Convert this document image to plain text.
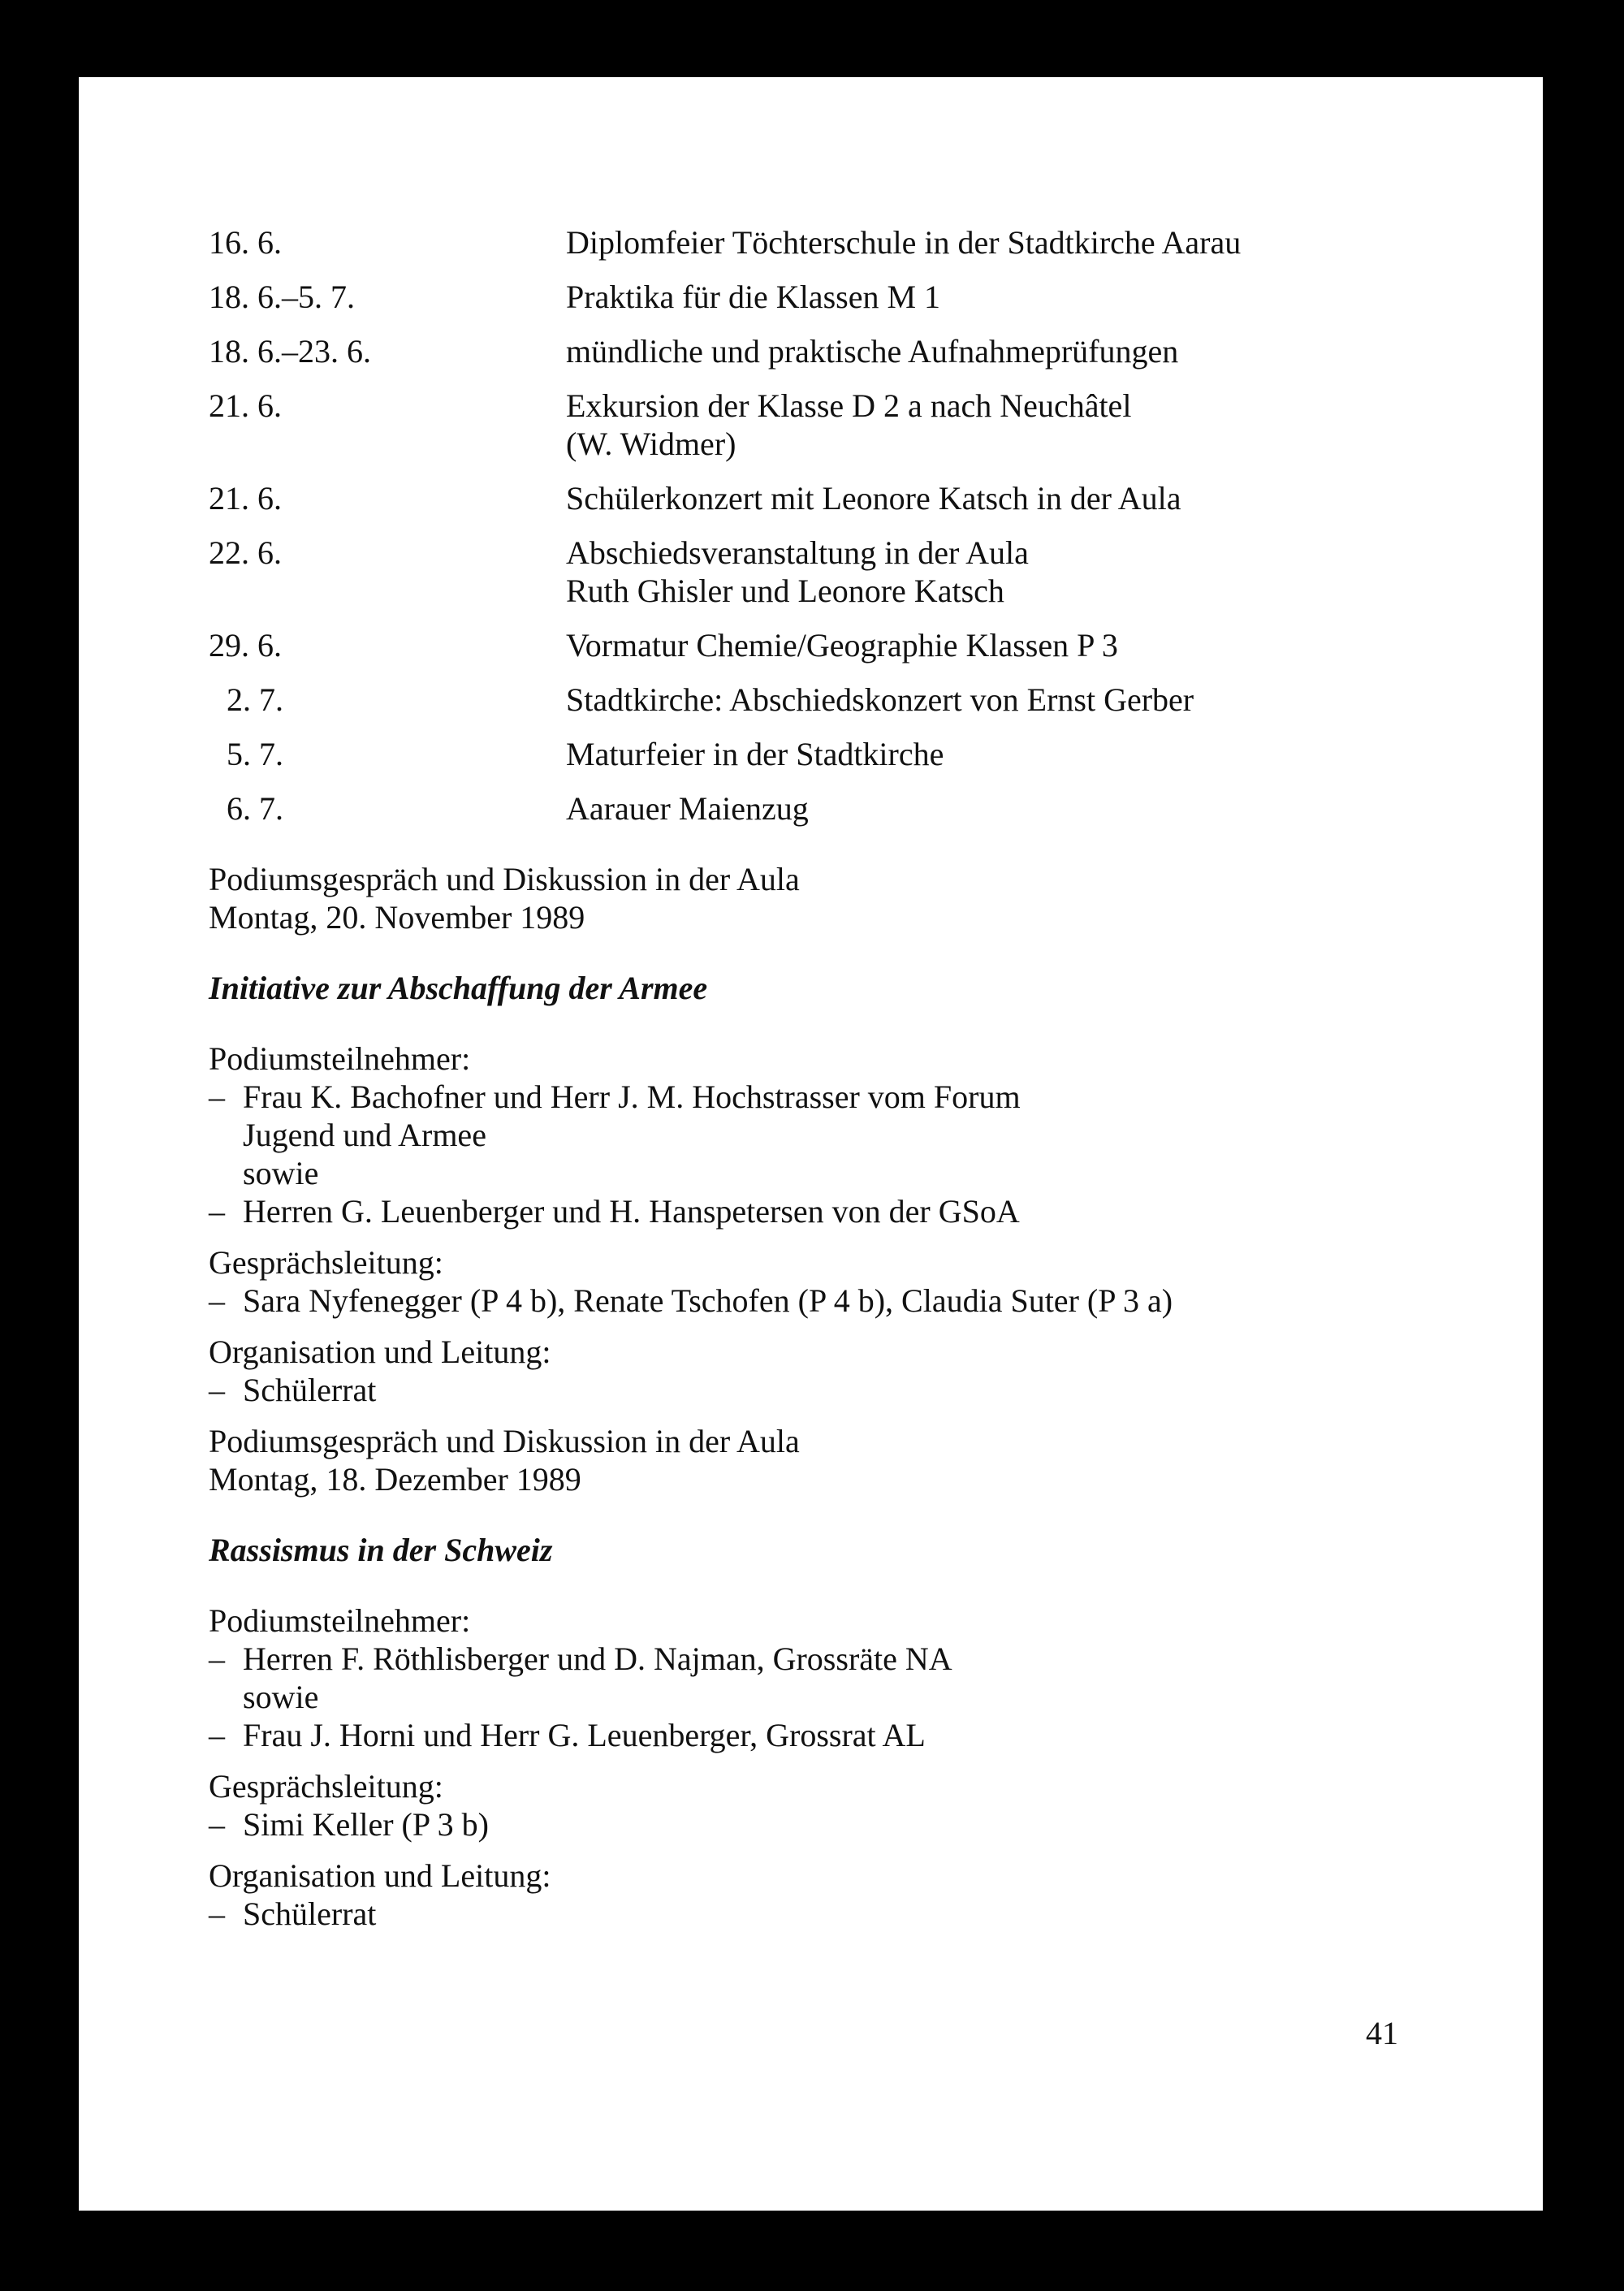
16. 6.	Diplomfeier Töchterschule in der Stadtkirche Aarau
18. 6.–5. 7.	Praktika für die Klassen M 1
18. 6.–23. 6.	mündliche und praktische Aufnahmeprüfungen
21. 6.	Exkursion der Klasse D 2 a nach Neuchâtel
(W. Widmer)
21. 6.	Schülerkonzert mit Leonore Katsch in der Aula
22. 6.	Abschiedsveranstaltung in der Aula
Ruth Ghisler und Leonore Katsch
29. 6.	Vormatur Chemie/Geographie Klassen P 3
2. 7.	Stadtkirche: Abschiedskonzert von Ernst Gerber
5. 7.	Maturfeier in der Stadtkirche
6. 7.	Aarauer Maienzug
Podiumsgespräch und Diskussion in der Aula
Montag, 20. November 1989
Initiative zur Abschaffung der Armee
Podiumsteilnehmer:
– Frau K. Bachofner und Herr J. M. Hochstrasser vom Forum
Jugend und Armee
sowie
– Herren G. Leuenberger und H. Hanspetersen von der GSoA
Gesprächsleitung:
– Sara Nyfenegger (P 4 b), Renate Tschofen (P 4 b), Claudia Suter (P 3 a)
Organisation und Leitung:
– Schülerrat
Podiumsgespräch und Diskussion in der Aula
Montag, 18. Dezember 1989
Rassismus in der Schweiz
Podiumsteilnehmer:
– Herren F. Röthlisberger und D. Najman, Grossräte NA
sowie
– Frau J. Horni und Herr G. Leuenberger, Grossrat AL
Gesprächsleitung:
– Simi Keller (P 3 b)
Organisation und Leitung:
– Schülerrat
41
